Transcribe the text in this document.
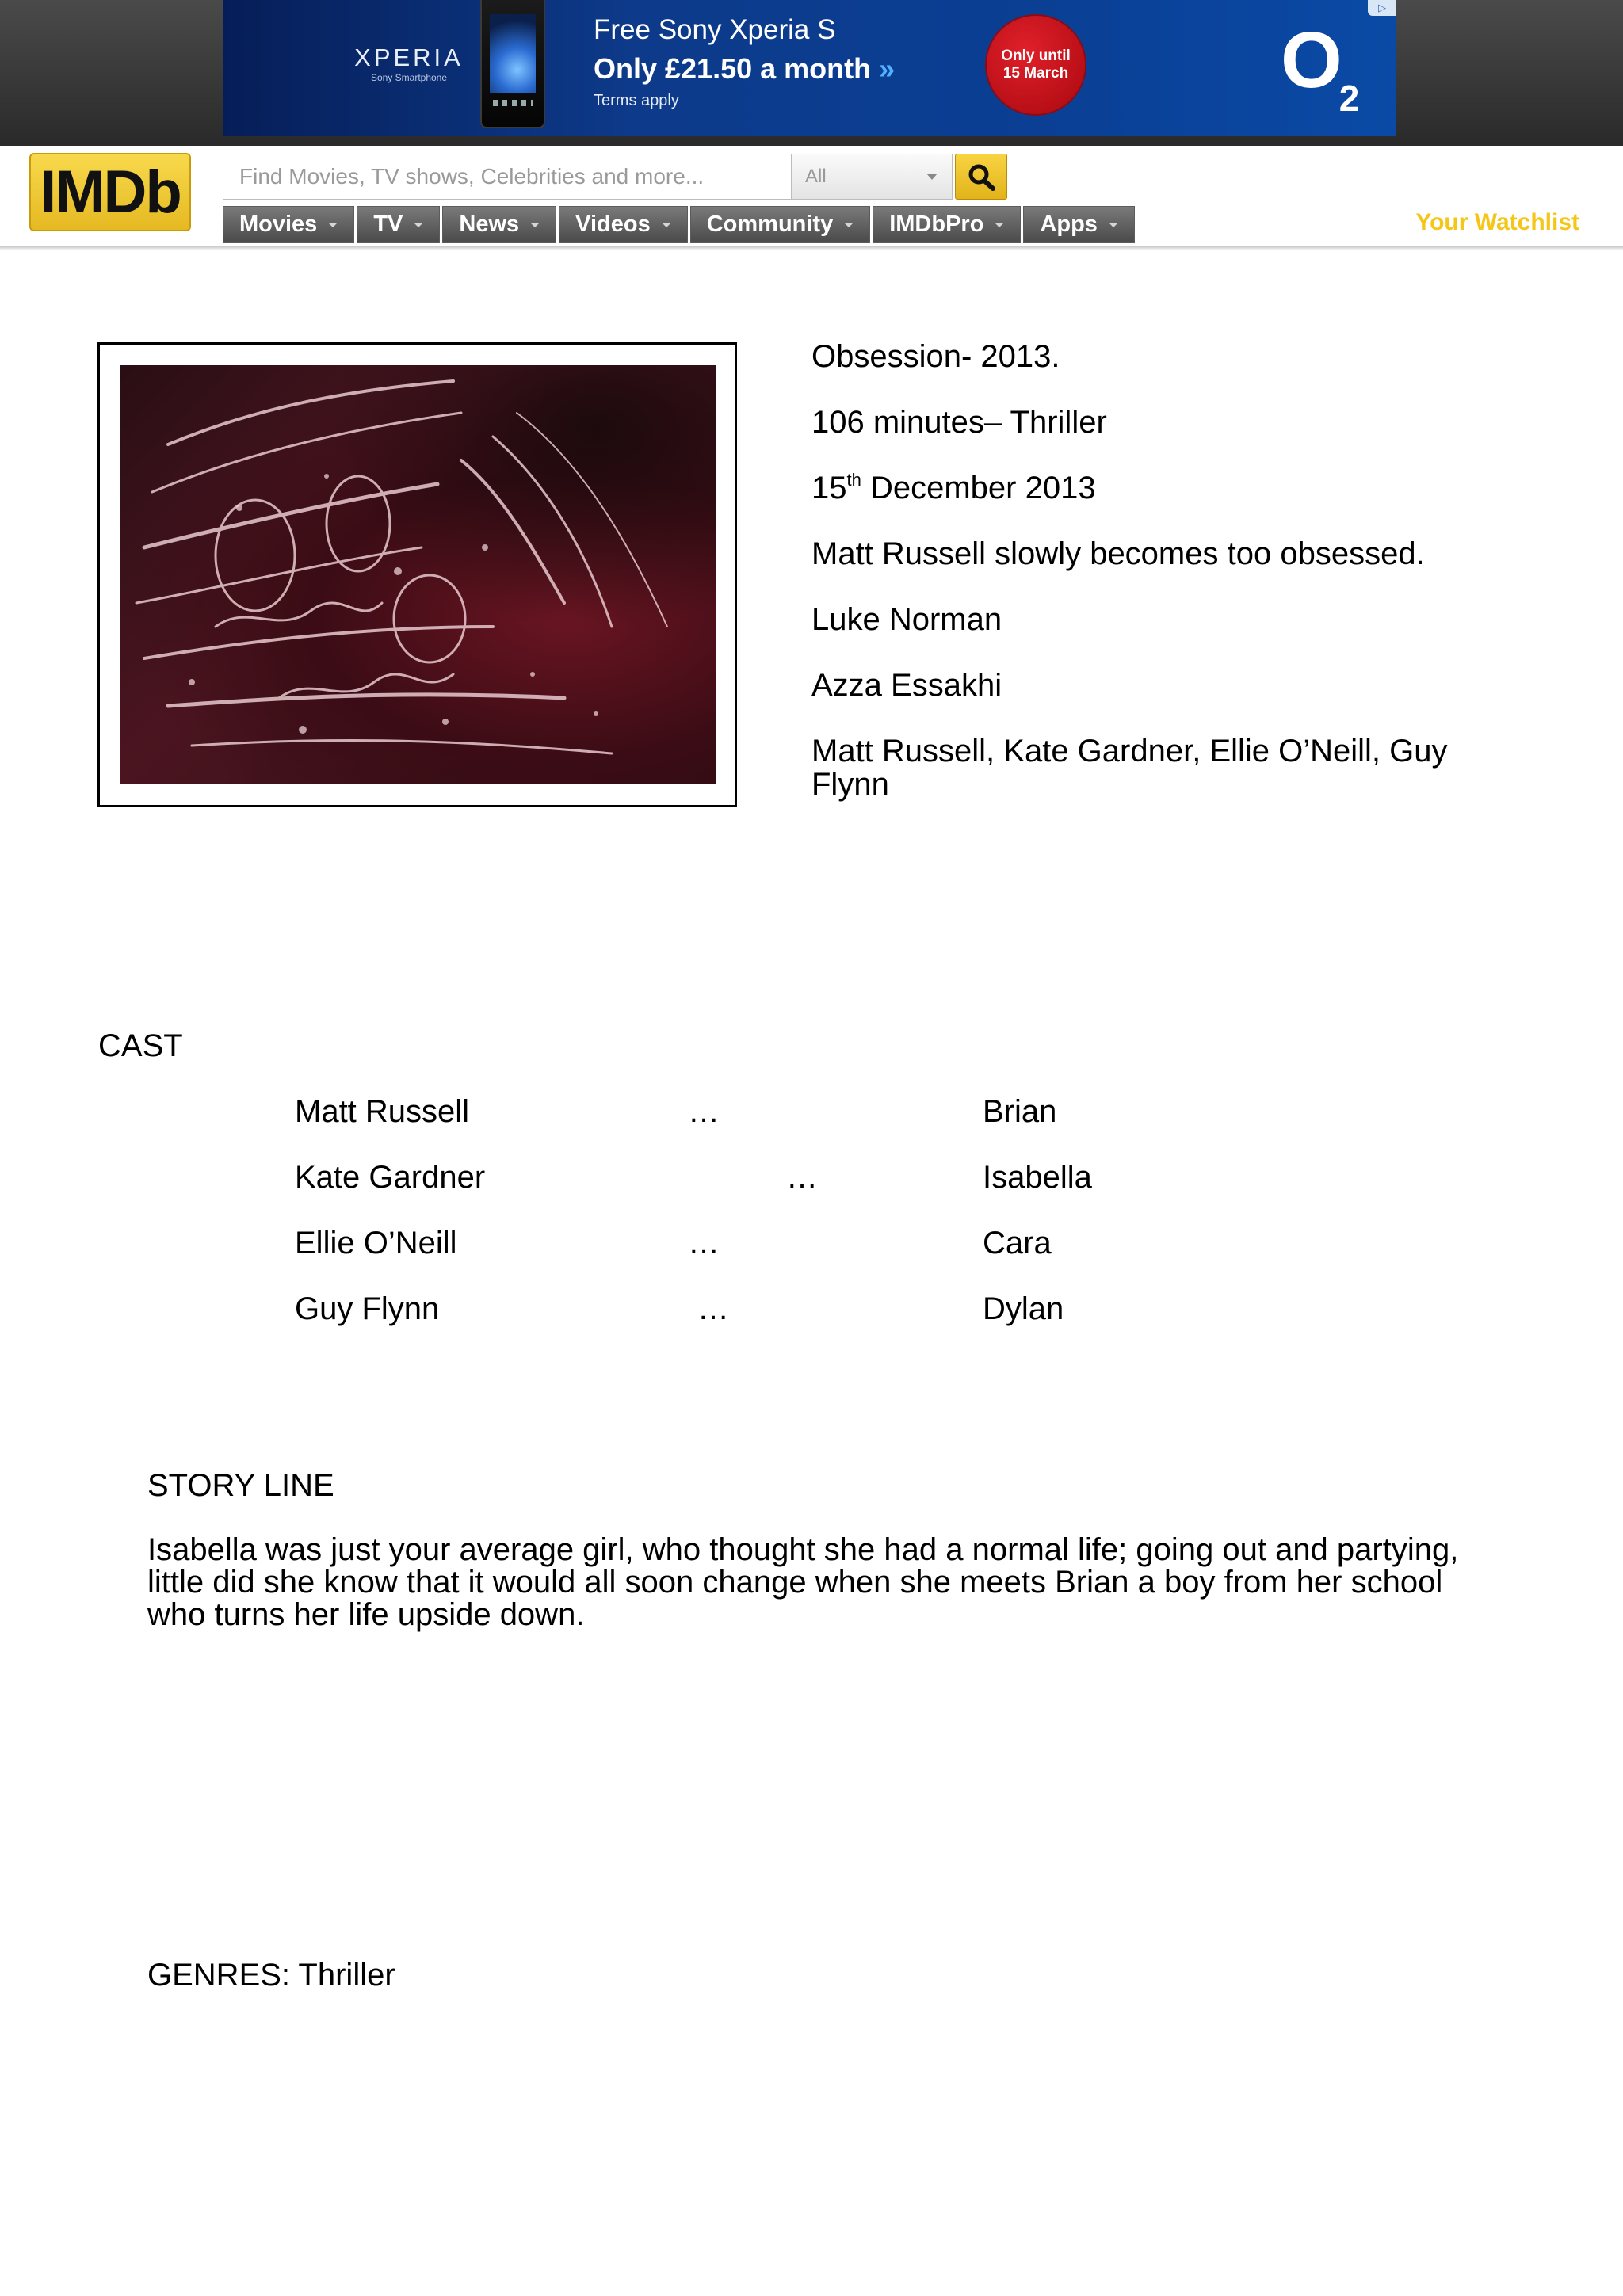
▷
XPERIA
Sony Smartphone
Free Sony Xperia S
Only £21.50 a month »
Terms apply
Only until
15 March	$O_2$
IMDb
Find Movies, TV shows, Celebrities and more...	All
Movies TV News Videos Community IMDbPro Apps
Register | Login | Help
Your Watchlist
Obsession- 2013.
106 minutes– Thriller
15th December 2013
Matt Russell slowly becomes too obsessed.
Luke Norman
Azza Essakhi
Matt Russell, Kate Gardner, Ellie O’Neill, Guy
Flynn
CAST
Matt Russell	…	Brian
Kate Gardner	…	Isabella
Ellie O’Neill	…	Cara
Guy Flynn	…	Dylan
STORY LINE
Isabella was just your average girl, who thought she had a normal life; going out and partying,
little did she know that it would all soon change when she meets Brian a boy from her school
who turns her life upside down.
GENRES: Thriller
